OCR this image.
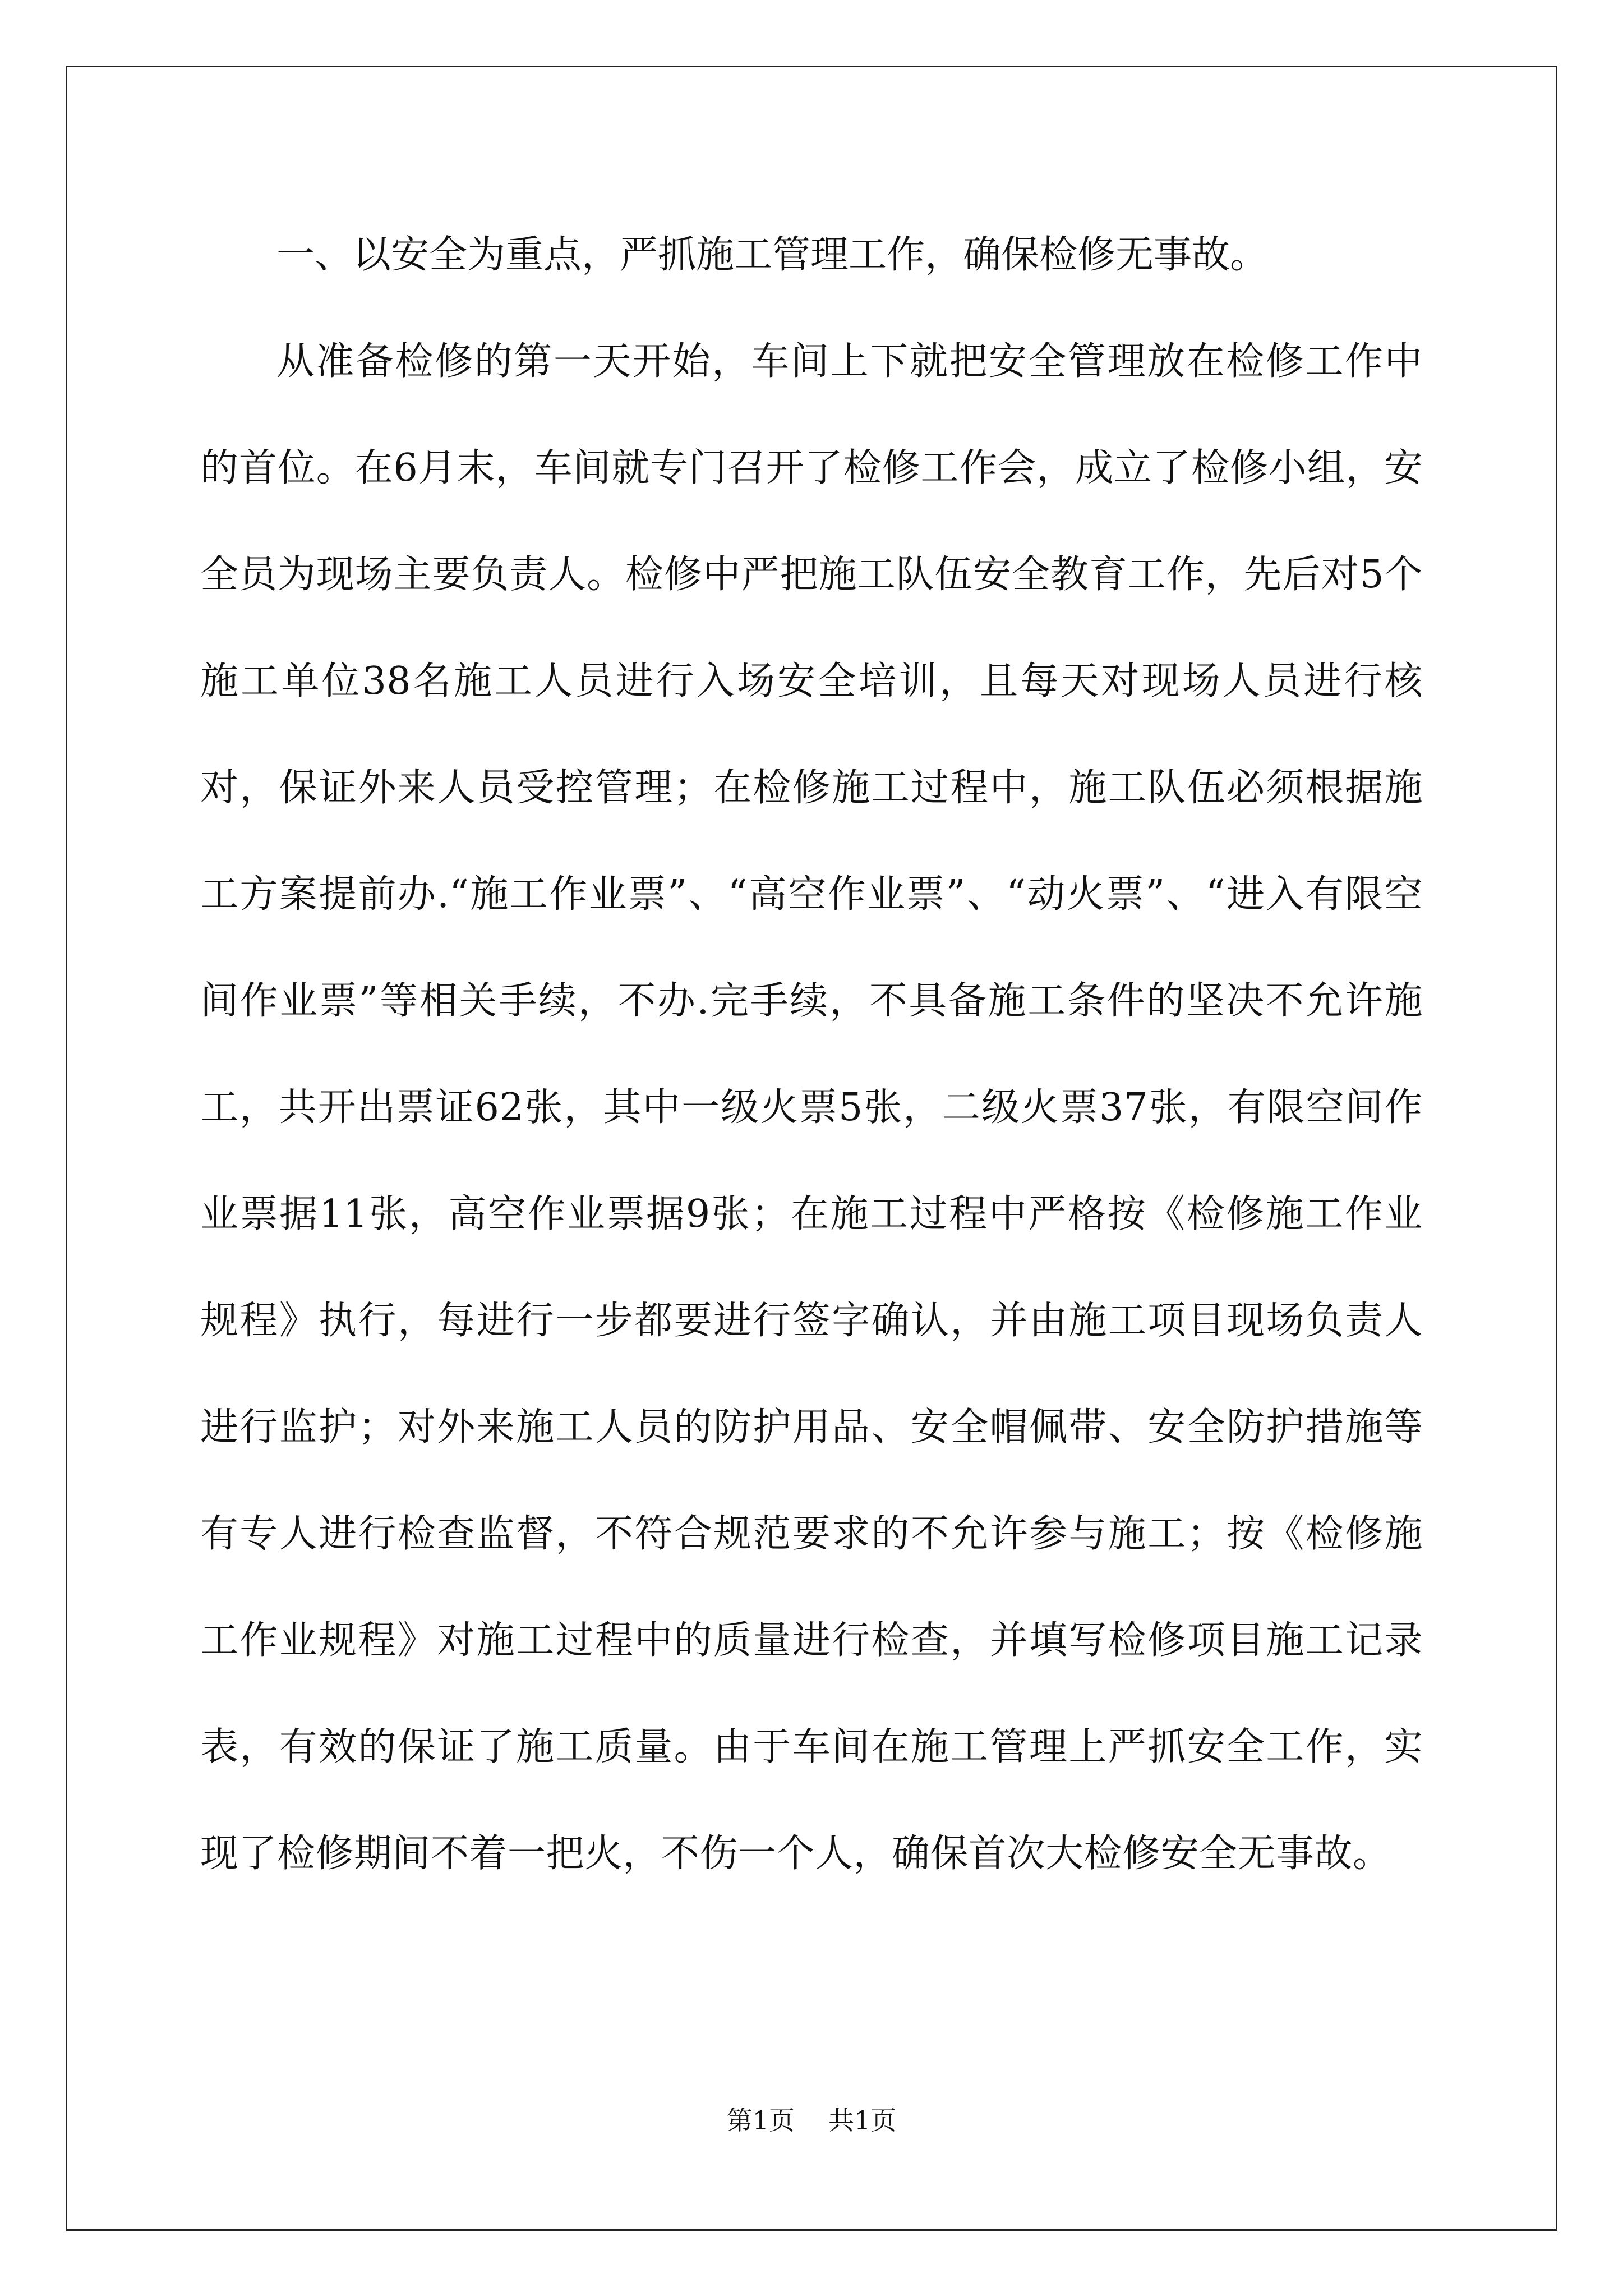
一、以安全为重点，严抓施工管理工作，确保检修无事故。

从准备检修的第一天开始，车间上下就把安全管理放在检修工作中的首位。在6月末，车间就专门召开了检修工作会，成立了检修小组，安全员为现场主要负责人。检修中严把施工队伍安全教育工作，先后对5个施工单位38名施工人员进行入场安全培训，且每天对现场人员进行核对，保证外来人员受控管理；在检修施工过程中，施工队伍必须根据施工方案提前办.“施工作业票”、“高空作业票”、“动火票”、“进入有限空间作业票”等相关手续，不办.完手续，不具备施工条件的坚决不允许施工，共开出票证62张，其中一级火票5张，二级火票37张，有限空间作业票据11张，高空作业票据9张；在施工过程中严格按《检修施工作业规程》执行，每进行一步都要进行签字确认，并由施工项目现场负责人进行监护；对外来施工人员的防护用品、安全帽佩带、安全防护措施等有专人进行检查监督，不符合规范要求的不允许参与施工；按《检修施工作业规程》对施工过程中的质量进行检查，并填写检修项目施工记录表，有效的保证了施工质量。由于车间在施工管理上严抓安全工作，实现了检修期间不着一把火，不伤一个人，确保首次大检修安全无事故。

第1页 共1页
